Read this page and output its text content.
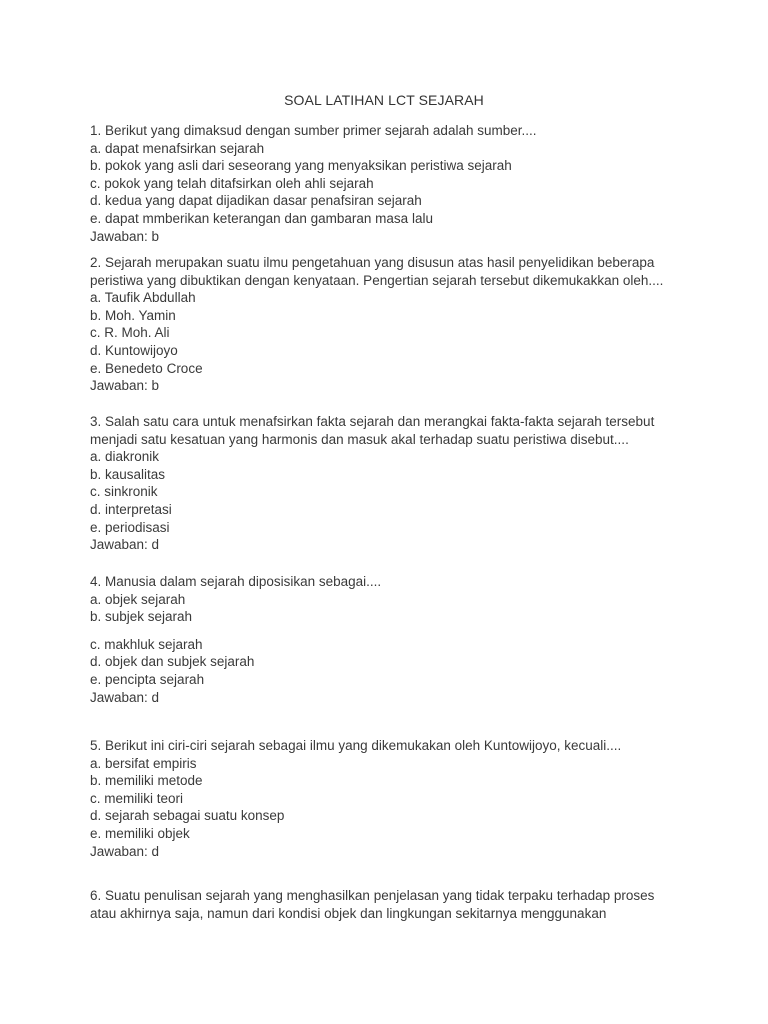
SOAL LATIHAN LCT SEJARAH
1. Berikut yang dimaksud dengan sumber primer sejarah adalah sumber....
a. dapat menafsirkan sejarah
b. pokok yang asli dari seseorang yang menyaksikan peristiwa sejarah
c. pokok yang telah ditafsirkan oleh ahli sejarah
d. kedua yang dapat dijadikan dasar penafsiran sejarah
e. dapat mmberikan keterangan dan gambaran masa lalu
Jawaban: b
2. Sejarah merupakan suatu ilmu pengetahuan yang disusun atas hasil penyelidikan beberapa
peristiwa yang dibuktikan dengan kenyataan. Pengertian sejarah tersebut dikemukakkan oleh....
a. Taufik Abdullah
b. Moh. Yamin
c. R. Moh. Ali
d. Kuntowijoyo
e. Benedeto Croce
Jawaban: b
3. Salah satu cara untuk menafsirkan fakta sejarah dan merangkai fakta-fakta sejarah tersebut
menjadi satu kesatuan yang harmonis dan masuk akal terhadap suatu peristiwa disebut....
a. diakronik
b. kausalitas
c. sinkronik
d. interpretasi
e. periodisasi
Jawaban: d
4. Manusia dalam sejarah diposisikan sebagai....
a. objek sejarah
b. subjek sejarah
c. makhluk sejarah
d. objek dan subjek sejarah
e. pencipta sejarah
Jawaban: d
5. Berikut ini ciri-ciri sejarah sebagai ilmu yang dikemukakan oleh Kuntowijoyo, kecuali....
a. bersifat empiris
b. memiliki metode
c. memiliki teori
d. sejarah sebagai suatu konsep
e. memiliki objek
Jawaban: d
6. Suatu penulisan sejarah yang menghasilkan penjelasan yang tidak terpaku terhadap proses
atau akhirnya saja, namun dari kondisi objek dan lingkungan sekitarnya menggunakan
